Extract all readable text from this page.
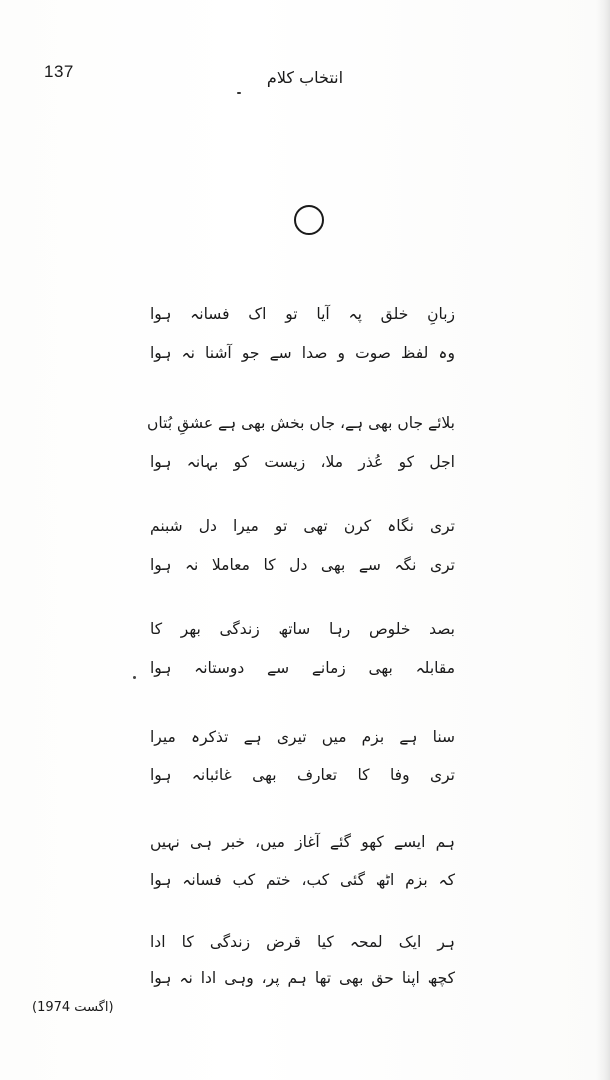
137	انتخاب کلام
زبانِ خلق پہ آیا تو اک فسانہ ہوا
وہ لفظ صوت و صدا سے جو آشنا نہ ہوا
بلائے جاں بھی ہے، جاں بخش بھی ہے عشقِ بُتاں
اجل کو عُذر ملا، زیست کو بہانہ ہوا
تری نگاہ کرن تھی تو میرا دل شبنم
تری نگہ سے بھی دل کا معاملا نہ ہوا
بصد خلوص رہا ساتھ زندگی بھر کا
مقابلہ بھی زمانے سے دوستانہ ہوا
سنا ہے بزم میں تیری ہے تذکرہ میرا
تری وفا کا تعارف بھی غائبانہ ہوا
ہم ایسے کھو گئے آغاز میں، خبر ہی نہیں
کہ بزم اٹھ گئی کب، ختم کب فسانہ ہوا
ہر ایک لمحہ کیا قرض زندگی کا ادا
کچھ اپنا حق بھی تھا ہم پر، وہی ادا نہ ہوا
(اگست 1974)
